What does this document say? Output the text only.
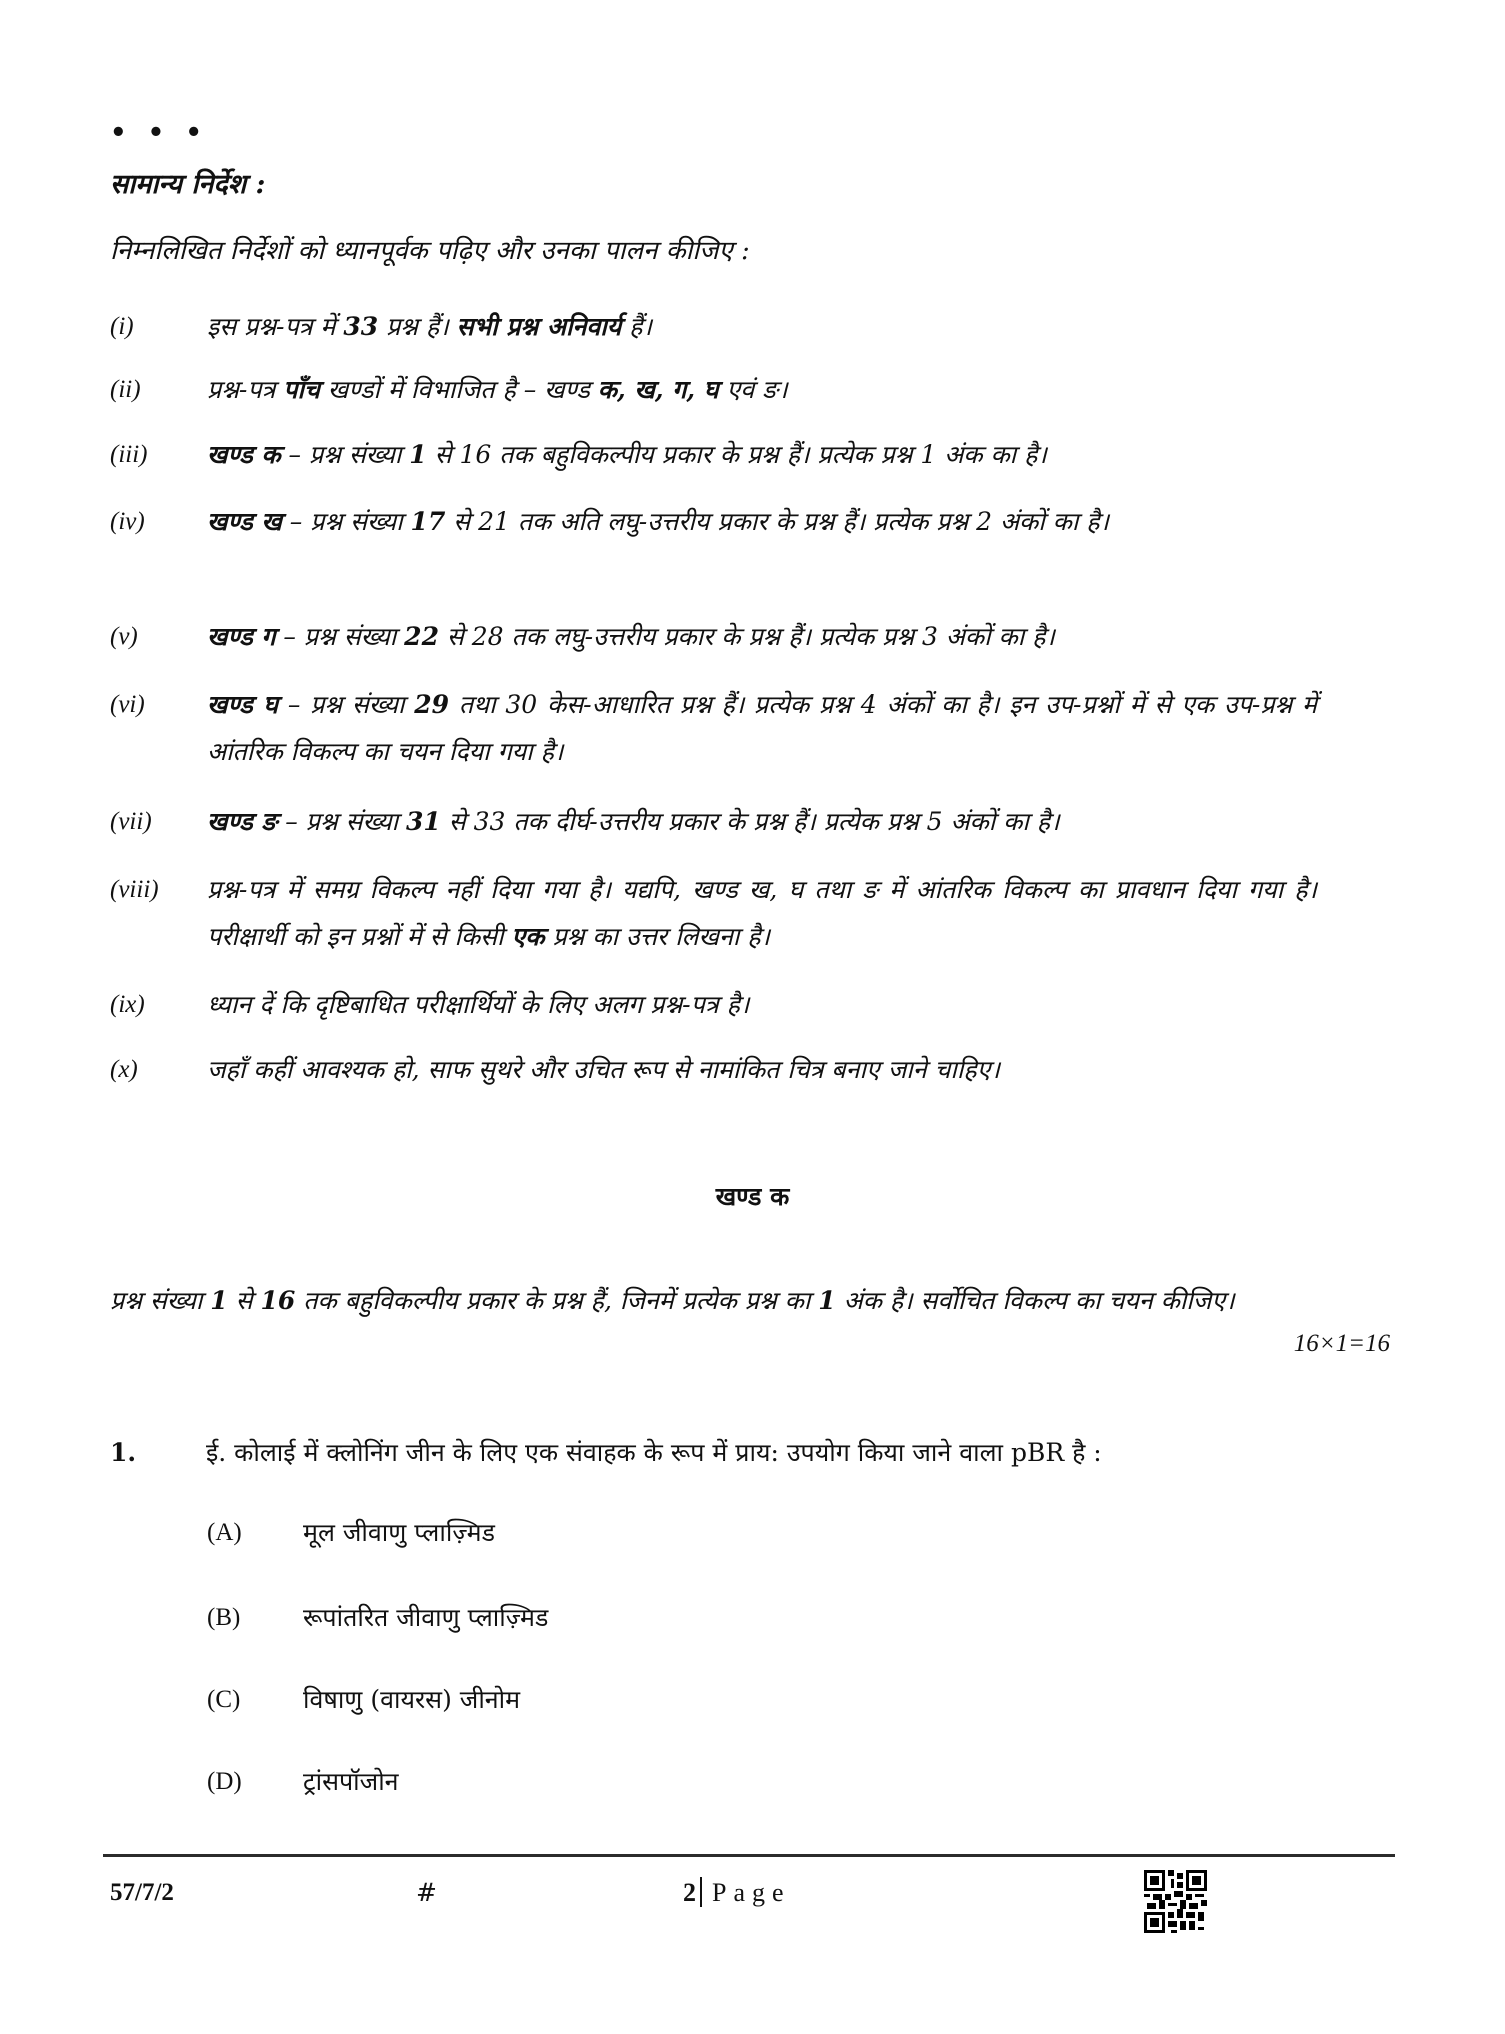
• • •
सामान्य निर्देश :
निम्नलिखित निर्देशों को ध्यानपूर्वक पढ़िए और उनका पालन कीजिए :
(i)	इस प्रश्न-पत्र में 33 प्रश्न हैं। सभी प्रश्न अनिवार्य हैं।
(ii)	प्रश्न-पत्र पाँच खण्डों में विभाजित है – खण्ड क, ख, ग, घ एवं ङ।
(iii) खण्ड क – प्रश्न संख्या 1 से 16 तक बहुविकल्पीय प्रकार के प्रश्न हैं। प्रत्येक प्रश्न 1 अंक का है।
(iv) खण्ड ख – प्रश्न संख्या 17 से 21 तक अति लघु-उत्तरीय प्रकार के प्रश्न हैं। प्रत्येक प्रश्न 2 अंकों का है।
(v)	खण्ड ग – प्रश्न संख्या 22 से 28 तक लघु-उत्तरीय प्रकार के प्रश्न हैं। प्रत्येक प्रश्न 3 अंकों का है।
(vi) खण्ड घ – प्रश्न संख्या 29 तथा 30 केस-आधारित प्रश्न हैं। प्रत्येक प्रश्न 4 अंकों का है। इन उप-प्रश्नों में से एक उप-प्रश्न में आंतरिक विकल्प का चयन दिया गया है।
(vii) खण्ड ङ – प्रश्न संख्या 31 से 33 तक दीर्घ-उत्तरीय प्रकार के प्रश्न हैं। प्रत्येक प्रश्न 5 अंकों का है।
(viii) प्रश्न-पत्र में समग्र विकल्प नहीं दिया गया है। यद्यपि, खण्ड ख, घ तथा ङ में आंतरिक विकल्प का प्रावधान दिया गया है। परीक्षार्थी को इन प्रश्नों में से किसी एक प्रश्न का उत्तर लिखना है।
(ix) ध्यान दें कि दृष्टिबाधित परीक्षार्थियों के लिए अलग प्रश्न-पत्र है।
(x)	जहाँ कहीं आवश्यक हो, साफ सुथरे और उचित रूप से नामांकित चित्र बनाए जाने चाहिए।
खण्ड क
प्रश्न संख्या 1 से 16 तक बहुविकल्पीय प्रकार के प्रश्न हैं, जिनमें प्रत्येक प्रश्न का 1 अंक है। सर्वोचित विकल्प का चयन कीजिए।
16×1=16
1.	ई. कोलाई में क्लोनिंग जीन के लिए एक संवाहक के रूप में प्राय: उपयोग किया जाने वाला pBR है :
(A) मूल जीवाणु प्लाज़्मिड
(B)	रूपांतरित जीवाणु प्लाज़्मिड
(C)	विषाणु (वायरस) जीनोम
(D) ट्रांसपॉजोन
57/7/2	#	2 Page
